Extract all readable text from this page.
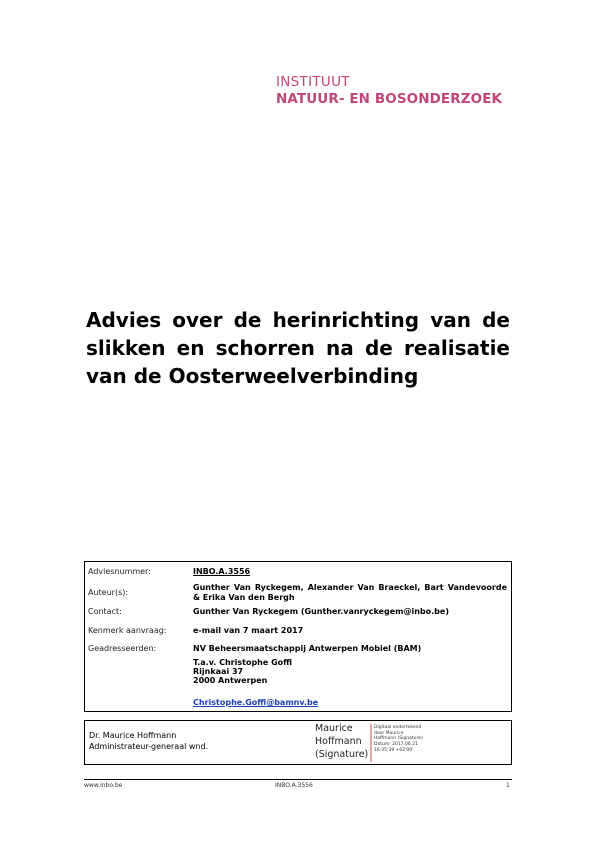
INSTITUUT
NATUUR- EN BOSONDERZOEK
Advies over de herinrichting van de slikken en schorren na de realisatie van de Oosterweelverbinding
Adviesnummer:	INBO.A.3556
Auteur(s):
Gunther Van Ryckegem, Alexander Van Braeckel, Bart Vandevoorde & Erika Van den Bergh
Contact:	Gunther Van Ryckegem (Gunther.vanryckegem@inbo.be)
Kenmerk aanvraag:	e-mail van 7 maart 2017
Geadresseerden:	NV Beheersmaatschappij Antwerpen Mobiel (BAM)
T.a.v. Christophe Goffi
Rijnkaai 37
2000 Antwerpen
Christophe.Goffi@bamnv.be
Dr. Maurice Hoffmann
Administrateur-generaal wnd.
Maurice
Hoffmann
(Signature)
Digitaal ondertekend
door Maurice
Hoffmann (Signature)
Datum: 2017.06.21
16:35:39 +02'00'
www.inbo.be	INBO.A.3556	1
